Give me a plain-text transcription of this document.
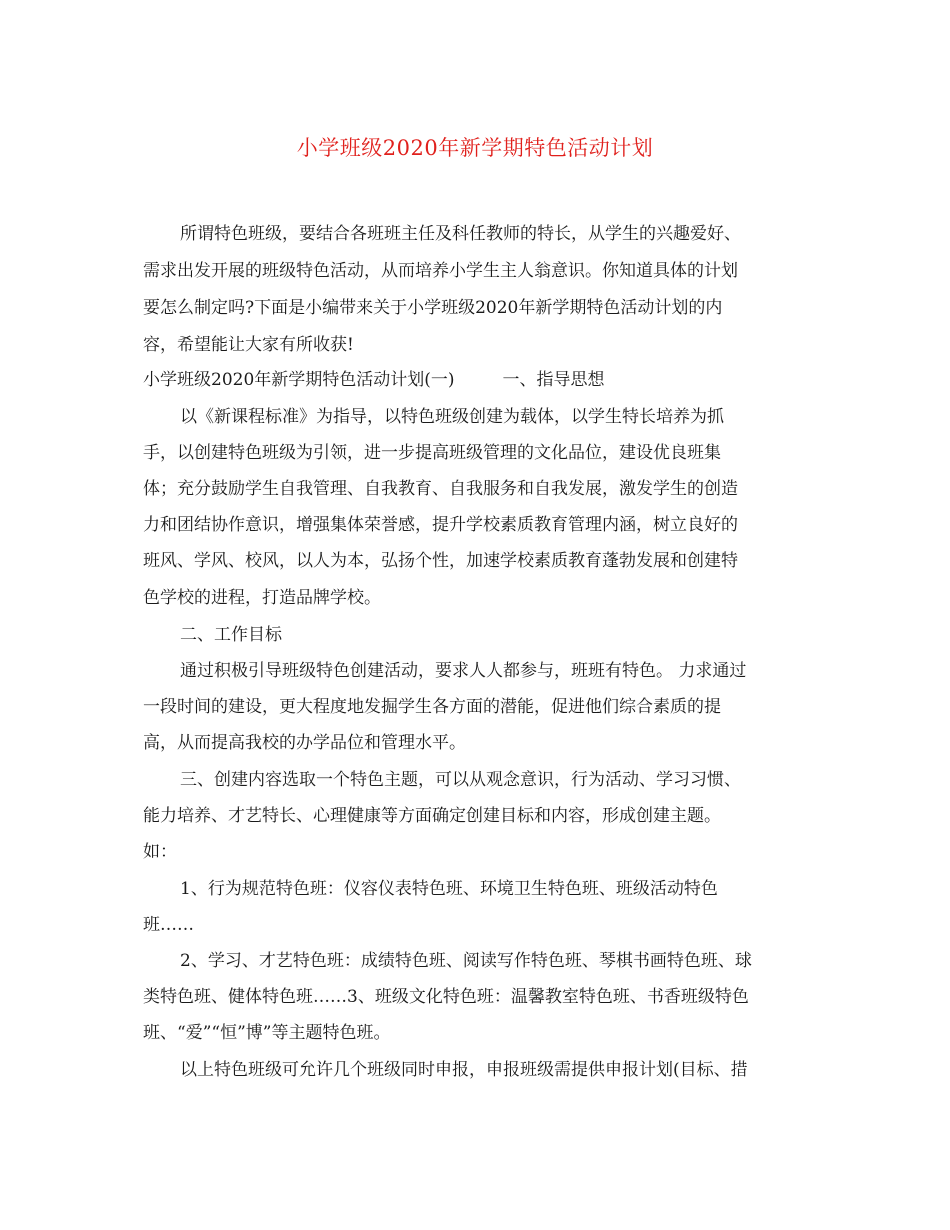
小学班级2020年新学期特色活动计划
所谓特色班级，要结合各班班主任及科任教师的特长，从学生的兴趣爱好、
需求出发开展的班级特色活动，从而培养小学生主人翁意识。你知道具体的计划
要怎么制定吗?下面是小编带来关于小学班级2020年新学期特色活动计划的内
容，希望能让大家有所收获!
小学班级2020年新学期特色活动计划(一)	一、指导思想
以《新课程标准》为指导，以特色班级创建为载体，以学生特长培养为抓
手，以创建特色班级为引领，进一步提高班级管理的文化品位，建设优良班集
体；充分鼓励学生自我管理、自我教育、自我服务和自我发展，激发学生的创造
力和团结协作意识，增强集体荣誉感，提升学校素质教育管理内涵，树立良好的
班风、学风、校风，以人为本，弘扬个性，加速学校素质教育蓬勃发展和创建特
色学校的进程，打造品牌学校。
二、工作目标
通过积极引导班级特色创建活动，要求人人都参与，班班有特色。 力求通过
一段时间的建设，更大程度地发掘学生各方面的潜能，促进他们综合素质的提
高，从而提高我校的办学品位和管理水平。
三、创建内容选取一个特色主题，可以从观念意识，行为活动、学习习惯、
能力培养、才艺特长、心理健康等方面确定创建目标和内容，形成创建主题。
如：
1、行为规范特色班：仪容仪表特色班、环境卫生特色班、班级活动特色
班……
2、学习、才艺特色班：成绩特色班、阅读写作特色班、琴棋书画特色班、球
类特色班、健体特色班……3、班级文化特色班：温馨教室特色班、书香班级特色
班、“爱”“恒”博”等主题特色班。
以上特色班级可允许几个班级同时申报，申报班级需提供申报计划(目标、措
